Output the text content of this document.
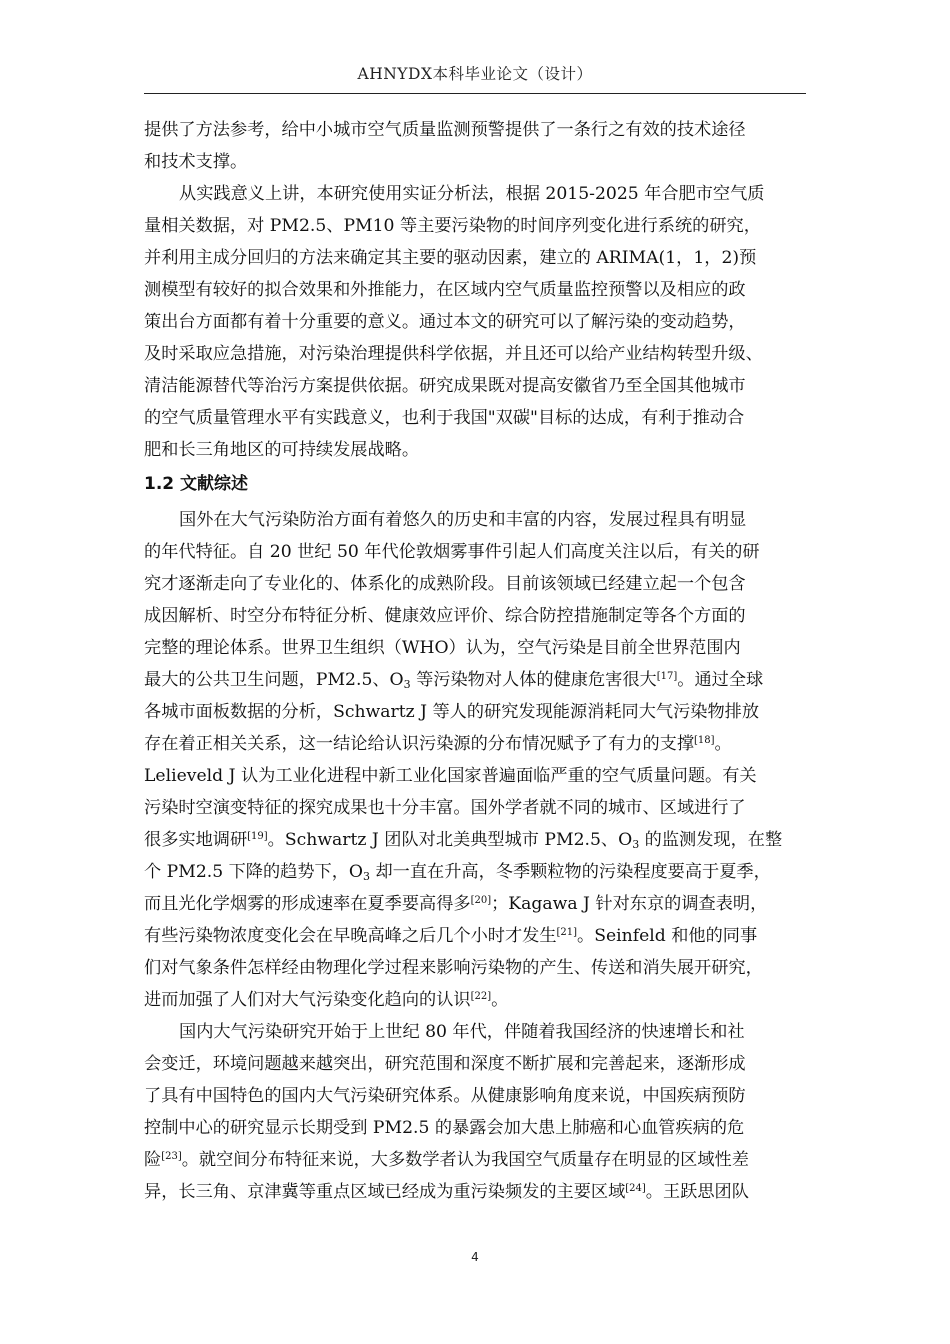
AHNYDX本科毕业论文（设计）

提供了方法参考，给中小城市空气质量监测预警提供了一条行之有效的技术途径
和技术支撑。

从实践意义上讲，本研究使用实证分析法，根据 2015-2025 年合肥市空气质
量相关数据，对 PM2.5、PM10 等主要污染物的时间序列变化进行系统的研究，
并利用主成分回归的方法来确定其主要的驱动因素，建立的 ARIMA(1，1，2)预
测模型有较好的拟合效果和外推能力，在区域内空气质量监控预警以及相应的政
策出台方面都有着十分重要的意义。通过本文的研究可以了解污染的变动趋势，
及时采取应急措施，对污染治理提供科学依据，并且还可以给产业结构转型升级、
清洁能源替代等治污方案提供依据。研究成果既对提高安徽省乃至全国其他城市
的空气质量管理水平有实践意义，也利于我国"双碳"目标的达成，有利于推动合
肥和长三角地区的可持续发展战略。

1.2 文献综述

国外在大气污染防治方面有着悠久的历史和丰富的内容，发展过程具有明显
的年代特征。自 20 世纪 50 年代伦敦烟雾事件引起人们高度关注以后，有关的研
究才逐渐走向了专业化的、体系化的成熟阶段。目前该领域已经建立起一个包含
成因解析、时空分布特征分析、健康效应评价、综合防控措施制定等各个方面的
完整的理论体系。世界卫生组织（WHO）认为，空气污染是目前全世界范围内
最大的公共卫生问题，PM2.5、$O_3$ 等污染物对人体的健康危害很大[17]。通过全球
各城市面板数据的分析，Schwartz J 等人的研究发现能源消耗同大气污染物排放
存在着正相关关系，这一结论给认识污染源的分布情况赋予了有力的支撑[18]。
Lelieveld J 认为工业化进程中新工业化国家普遍面临严重的空气质量问题。有关
污染时空演变特征的探究成果也十分丰富。国外学者就不同的城市、区域进行了
很多实地调研[19]。Schwartz J 团队对北美典型城市 PM2.5、$O_3$ 的监测发现，在整
个 PM2.5 下降的趋势下，$O_3$ 却一直在升高，冬季颗粒物的污染程度要高于夏季，
而且光化学烟雾的形成速率在夏季要高得多[20]；Kagawa J 针对东京的调查表明，
有些污染物浓度变化会在早晚高峰之后几个小时才发生[21]。Seinfeld 和他的同事
们对气象条件怎样经由物理化学过程来影响污染物的产生、传送和消失展开研究，
进而加强了人们对大气污染变化趋向的认识[22]。

国内大气污染研究开始于上世纪 80 年代，伴随着我国经济的快速增长和社
会变迁，环境问题越来越突出，研究范围和深度不断扩展和完善起来，逐渐形成
了具有中国特色的国内大气污染研究体系。从健康影响角度来说，中国疾病预防
控制中心的研究显示长期受到 PM2.5 的暴露会加大患上肺癌和心血管疾病的危
险[23]。就空间分布特征来说，大多数学者认为我国空气质量存在明显的区域性差
异，长三角、京津冀等重点区域已经成为重污染频发的主要区域[24]。王跃思团队

4
